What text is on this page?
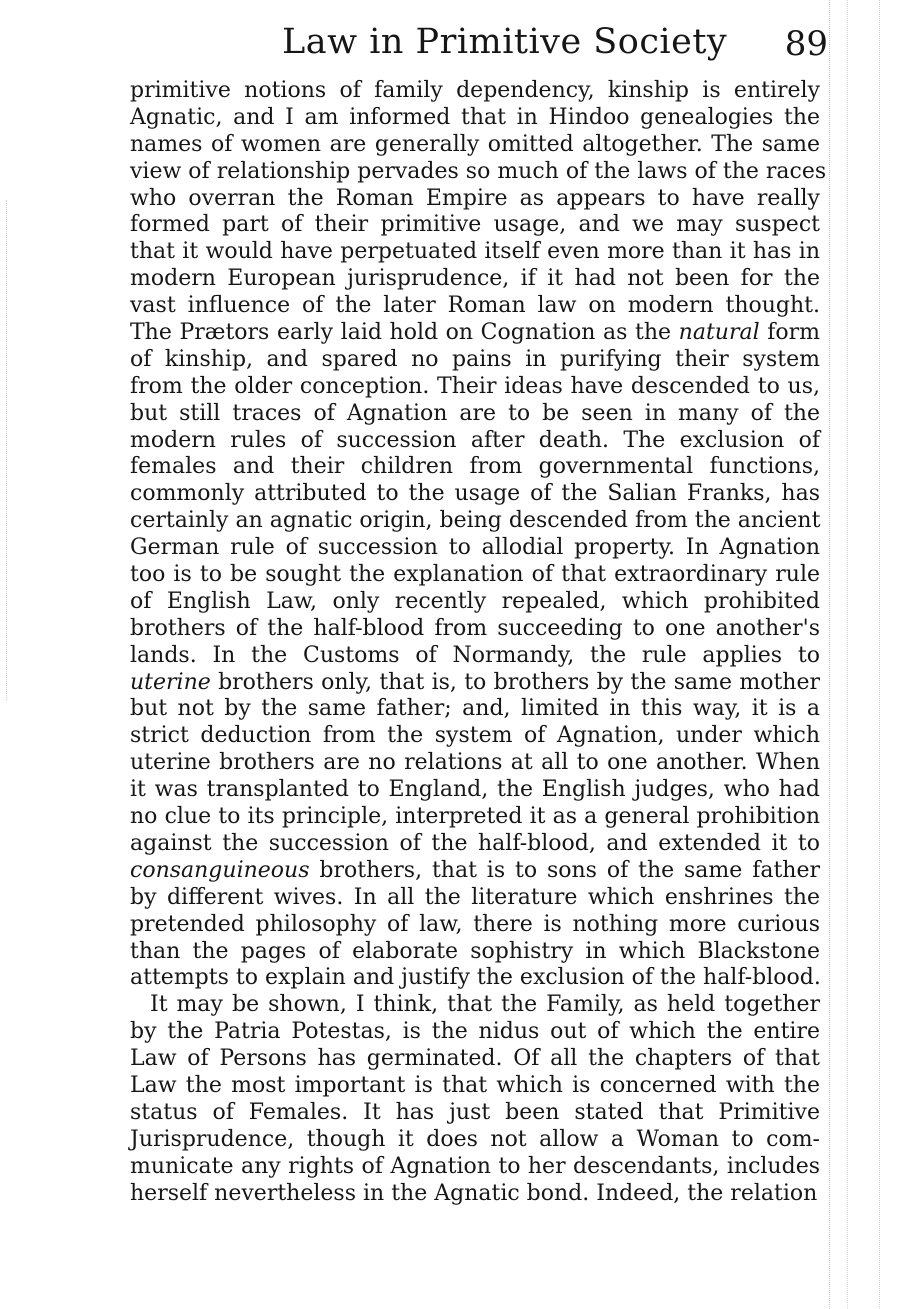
Law in Primitive Society 89
primitive notions of family dependency, kinship is entirely
Agnatic, and I am informed that in Hindoo genealogies the
names of women are generally omitted altogether. The same
view of relationship pervades so much of the laws of the races
who overran the Roman Empire as appears to have really
formed part of their primitive usage, and we may suspect
that it would have perpetuated itself even more than it has in
modern European jurisprudence, if it had not been for the
vast influence of the later Roman law on modern thought.
The Prætors early laid hold on Cognation as the natural form
of kinship, and spared no pains in purifying their system
from the older conception. Their ideas have descended to us,
but still traces of Agnation are to be seen in many of the
modern rules of succession after death. The exclusion of
females and their children from governmental functions,
commonly attributed to the usage of the Salian Franks, has
certainly an agnatic origin, being descended from the ancient
German rule of succession to allodial property. In Agnation
too is to be sought the explanation of that extraordinary rule
of English Law, only recently repealed, which prohibited
brothers of the half-blood from succeeding to one another's
lands. In the Customs of Normandy, the rule applies to
uterine brothers only, that is, to brothers by the same mother
but not by the same father; and, limited in this way, it is a
strict deduction from the system of Agnation, under which
uterine brothers are no relations at all to one another. When
it was transplanted to England, the English judges, who had
no clue to its principle, interpreted it as a general prohibition
against the succession of the half-blood, and extended it to
consanguineous brothers, that is to sons of the same father
by different wives. In all the literature which enshrines the
pretended philosophy of law, there is nothing more curious
than the pages of elaborate sophistry in which Blackstone
attempts to explain and justify the exclusion of the half-blood.
It may be shown, I think, that the Family, as held together
by the Patria Potestas, is the nidus out of which the entire
Law of Persons has germinated. Of all the chapters of that
Law the most important is that which is concerned with the
status of Females. It has just been stated that Primitive
Jurisprudence, though it does not allow a Woman to com-
municate any rights of Agnation to her descendants, includes
herself nevertheless in the Agnatic bond. Indeed, the relation
